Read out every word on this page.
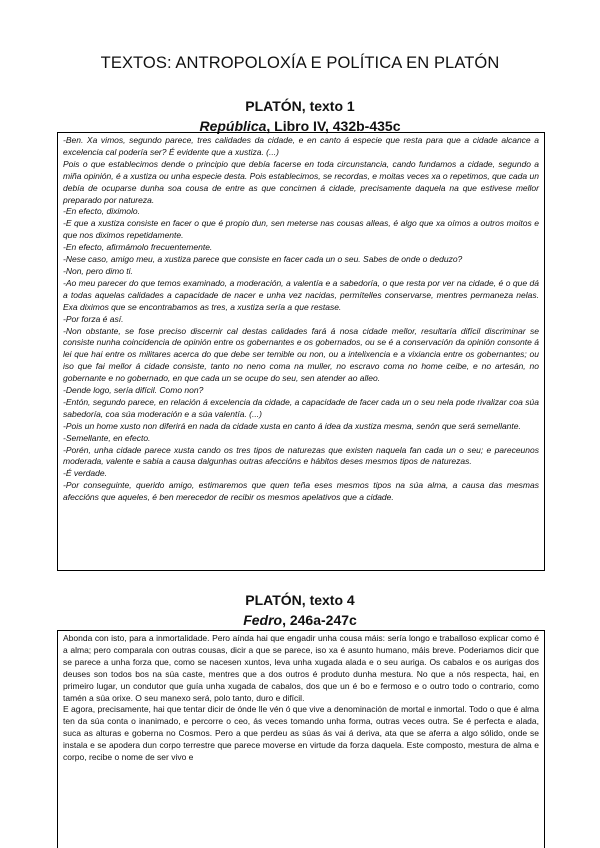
TEXTOS: ANTROPOLOXÍA E POLÍTICA EN PLATÓN
PLATÓN, texto 1
República, Libro IV, 432b-435c

-Ben. Xa vimos, segundo parece, tres calidades da cidade, e en canto á especie que resta para que a cidade alcance a excelencia cal podería ser? É evidente que a xustiza. (...)

Pois o que establecimos dende o principio que debía facerse en toda circunstancia, cando fundamos a cidade, segundo a miña opinión, é a xustiza ou unha especie desta. Pois establecimos, se recordas, e moitas veces xa o repetimos, que cada un debía de ocuparse dunha soa cousa de entre as que concirnen á cidade, precisamente daquela na que estivese mellor preparado por natureza.

-En efecto, diximolo.

-E que a xustiza consiste en facer o que é propio dun, sen meterse nas cousas alleas, é algo que xa oímos a outros moitos e que nos diximos repetidamente.

-En efecto, afirmámolo frecuentemente.

-Nese caso, amigo meu, a xustiza parece que consiste en facer cada un o seu. Sabes de onde o deduzo?

-Non, pero dimo ti.

-Ao meu parecer do que temos examinado, a moderación, a valentía e a sabedoría, o que resta por ver na cidade, é o que dá a todas aquelas calidades a capacidade de nacer e unha vez nacidas, permítelles conservarse, mentres permaneza nelas. Exa diximos que se encontrabamos as tres, a xustiza sería a que restase.

-Por forza é así.

-Non obstante, se fose preciso discernir cal destas calidades fará á nosa cidade mellor, resultaría difícil discriminar se consiste nunha coincidencia de opinión entre os gobernantes e os gobernados, ou se é a conservación da opinión consonte á lei que hai entre os militares acerca do que debe ser temible ou non, ou a intelixencia e a vixiancia entre os gobernantes; ou iso que fai mellor á cidade consiste, tanto no neno coma na muller, no escravo coma no home ceibe, e no artesán, no gobernante e no gobernado, en que cada un se ocupe do seu, sen atender ao alleo.

-Dende logo, sería difícil. Como non?

-Entón, segundo parece, en relación á excelencia da cidade, a capacidade de facer cada un o seu nela pode rivalizar coa súa sabedoría, coa súa moderación e a súa valentía. (...)

-Pois un home xusto non diferirá en nada da cidade xusta en canto á idea da xustiza mesma, senón que será semellante.

-Semellante, en efecto.

-Porén, unha cidade parece xusta cando os tres tipos de naturezas que existen naquela fan cada un o seu; e pareceunos moderada, valente e sabia a causa dalgunhas outras afeccións e hábitos deses mesmos tipos de naturezas.

-É verdade.

-Por conseguinte, querido amigo, estimaremos que quen teña eses mesmos tipos na súa alma, a causa das mesmas afeccións que aqueles, é ben merecedor de recibir os mesmos apelativos que a cidade.

PLATÓN, texto 4
Fedro, 246a-247c

Abonda con isto, para a inmortalidade. Pero aínda hai que engadir unha cousa máis: sería longo e traballoso explicar como é a alma; pero comparala con outras cousas, dicir a que se parece, iso xa é asunto humano, máis breve. Poderiamos dicir que se parece a unha forza que, como se nacesen xuntos, leva unha xugada alada e o seu auriga. Os cabalos e os aurigas dos deuses son todos bos na súa caste, mentres que a dos outros é produto dunha mestura. No que a nós respecta, hai, en primeiro lugar, un condutor que guía unha xugada de cabalos, dos que un é bo e fermoso e o outro todo o contrario, como tamén a súa orixe. O seu manexo será, polo tanto, duro e difícil.

E agora, precisamente, hai que tentar dicir de ónde lle vén ó que vive a denominación de mortal e inmortal. Todo o que é alma ten da súa conta o inanimado, e percorre o ceo, ás veces tomando unha forma, outras veces outra. Se é perfecta e alada, suca as alturas e goberna no Cosmos. Pero a que perdeu as súas ás vai á deriva, ata que se aferra a algo sólido, onde se instala e se apodera dun corpo terrestre que parece moverse en virtude da forza daquela. Este composto, mestura de alma e corpo, recibe o nome de ser vivo e
